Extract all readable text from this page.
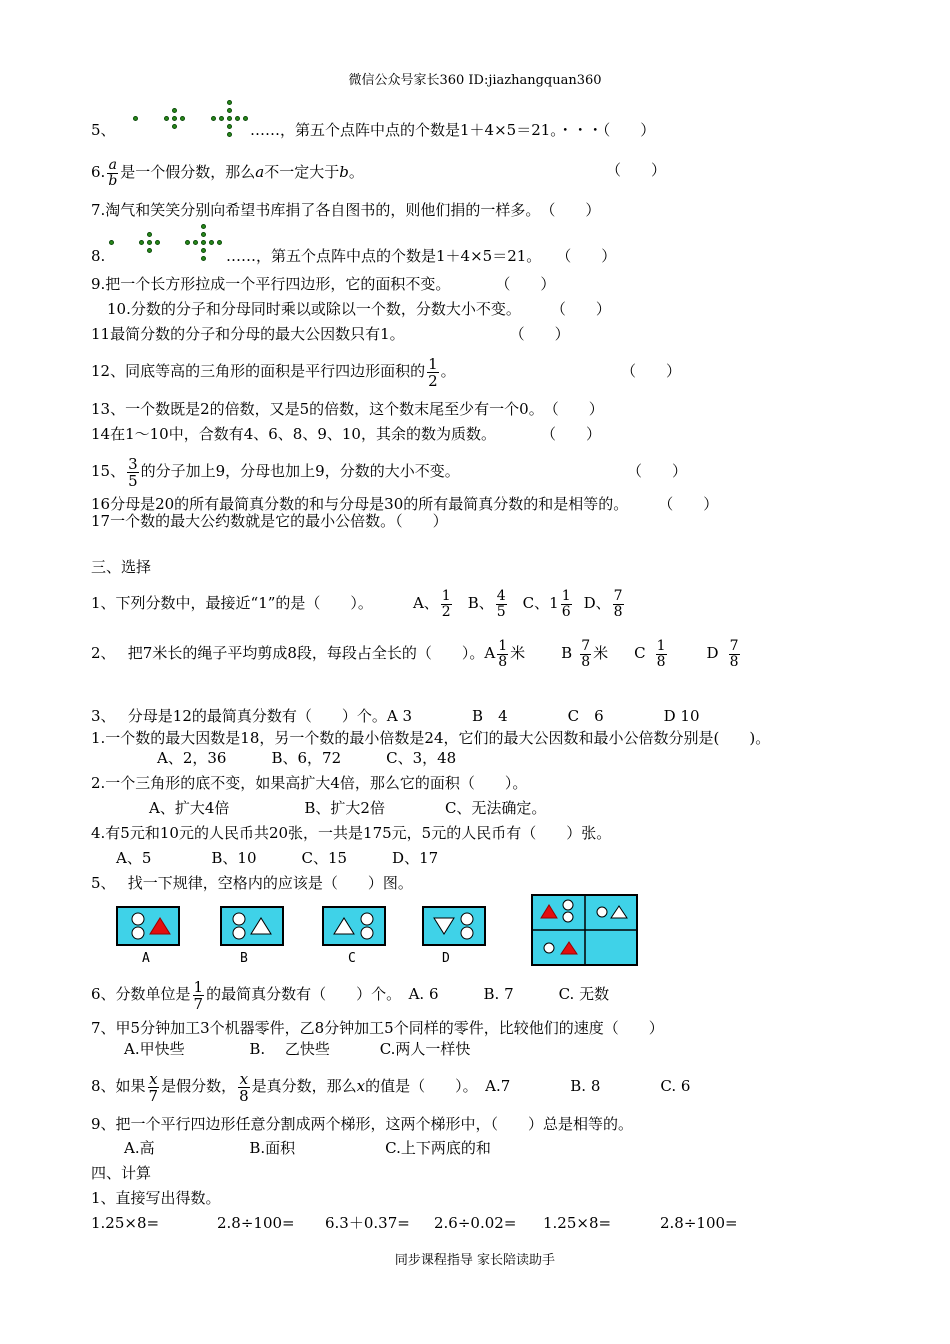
微信公众号家长360 ID:jiazhangquan360
5、	……，第五个点阵中点的个数是1＋4×5＝21。・・・（　　）
6. $\frac{a}{b}$ 是一个假分数，那么a不一定大于b。	（　　）
7.淘气和笑笑分别向希望书库捐了各自图书的，则他们捐的一样多。　（　　）
8.	……，第五个点阵中点的个数是1＋4×5＝21。　　（　　）
9.把一个长方形拉成一个平行四边形，它的面积不变。　　　　（　　）
10.分数的分子和分母同时乘以或除以一个数，分数大小不变。　　　（　　）
11最简分数的分子和分母的最大公因数只有1。　　　　　　　　（　　）
12、同底等高的三角形的面积是平行四边形面积的 $\frac{1}{2}$ 。	（　　）
13、一个数既是2的倍数，又是5的倍数，这个数末尾至少有一个0。　（　　）
14在1～10中，合数有4、6、8、9、10，其余的数为质数。　　　　（　　）
15、 $\frac{3}{5}$ 的分子加上9，分母也加上9，分数的大小不变。	（　　）
16分母是20的所有最简真分数的和与分母是30的所有最简真分数的和是相等的。　　　（　　）
17一个数的最大公约数就是它的最小公倍数。（　　）
三、选择
1、下列分数中，最接近“1”的是（　　）。	A、 $\frac{1}{2}$ B、 $\frac{4}{5}$ C、$1 \frac{1}{6}$ D、 $\frac{7}{8}$
2、　 把7米长的绳子平均剪成8段，每段占全长的（　　）。A $\frac{1}{8}$ 米 B $\frac{7}{8}$ 米 C $\frac{1}{8}$	D $\frac{7}{8}$
3、　 分母是12的最简真分数有（　　）个。A 3　　　　B　4　　　　C　6　　　　D 10
1.一个数的最大因数是18，另一个数的最小倍数是24，它们的最大公因数和最小公倍数分别是(　　)。
A、2，36　　　B、6，72　　　C、3，48
2.一个三角形的底不变，如果高扩大4倍，那么它的面积（　　）。
A、扩大4倍　　　　　B、扩大2倍　　　　C、无法确定。
4.有5元和10元的人民币共20张，一共是175元，5元的人民币有（　　）张。
A、5　　　　B、10　　　C、15　　　D、17
5、　 找一下规律，空格内的应该是（　　）图。
A	B	C	D
6、分数单位是 $\frac{1}{7}$ 的最简真分数有（　　）个。　A. 6　　　B. 7　　　C. 无数
7、甲5分钟加工3个机器零件，乙8分钟加工5个同样的零件，比较他们的速度（　　）
A.甲快些　　　　 B.　 乙快些　　　 C.两人一样快
8、如果 $\frac{x}{7}$ 是假分数， $\frac{x}{8}$ 是真分数，那么x的值是（　　）。　A.7　　　　B. 8　　　　C. 6
9、把一个平行四边形任意分割成两个梯形，这两个梯形中，（　　）总是相等的。
A.高　　　　　　 B.面积　　　　　　C.上下两底的和
四、计算
1、直接写出得数。
1.25×8=	2.8÷100= 6.3＋0.37= 2.6÷0.02= 1.25×8=	2.8÷100=
同步课程指导 家长陪读助手
